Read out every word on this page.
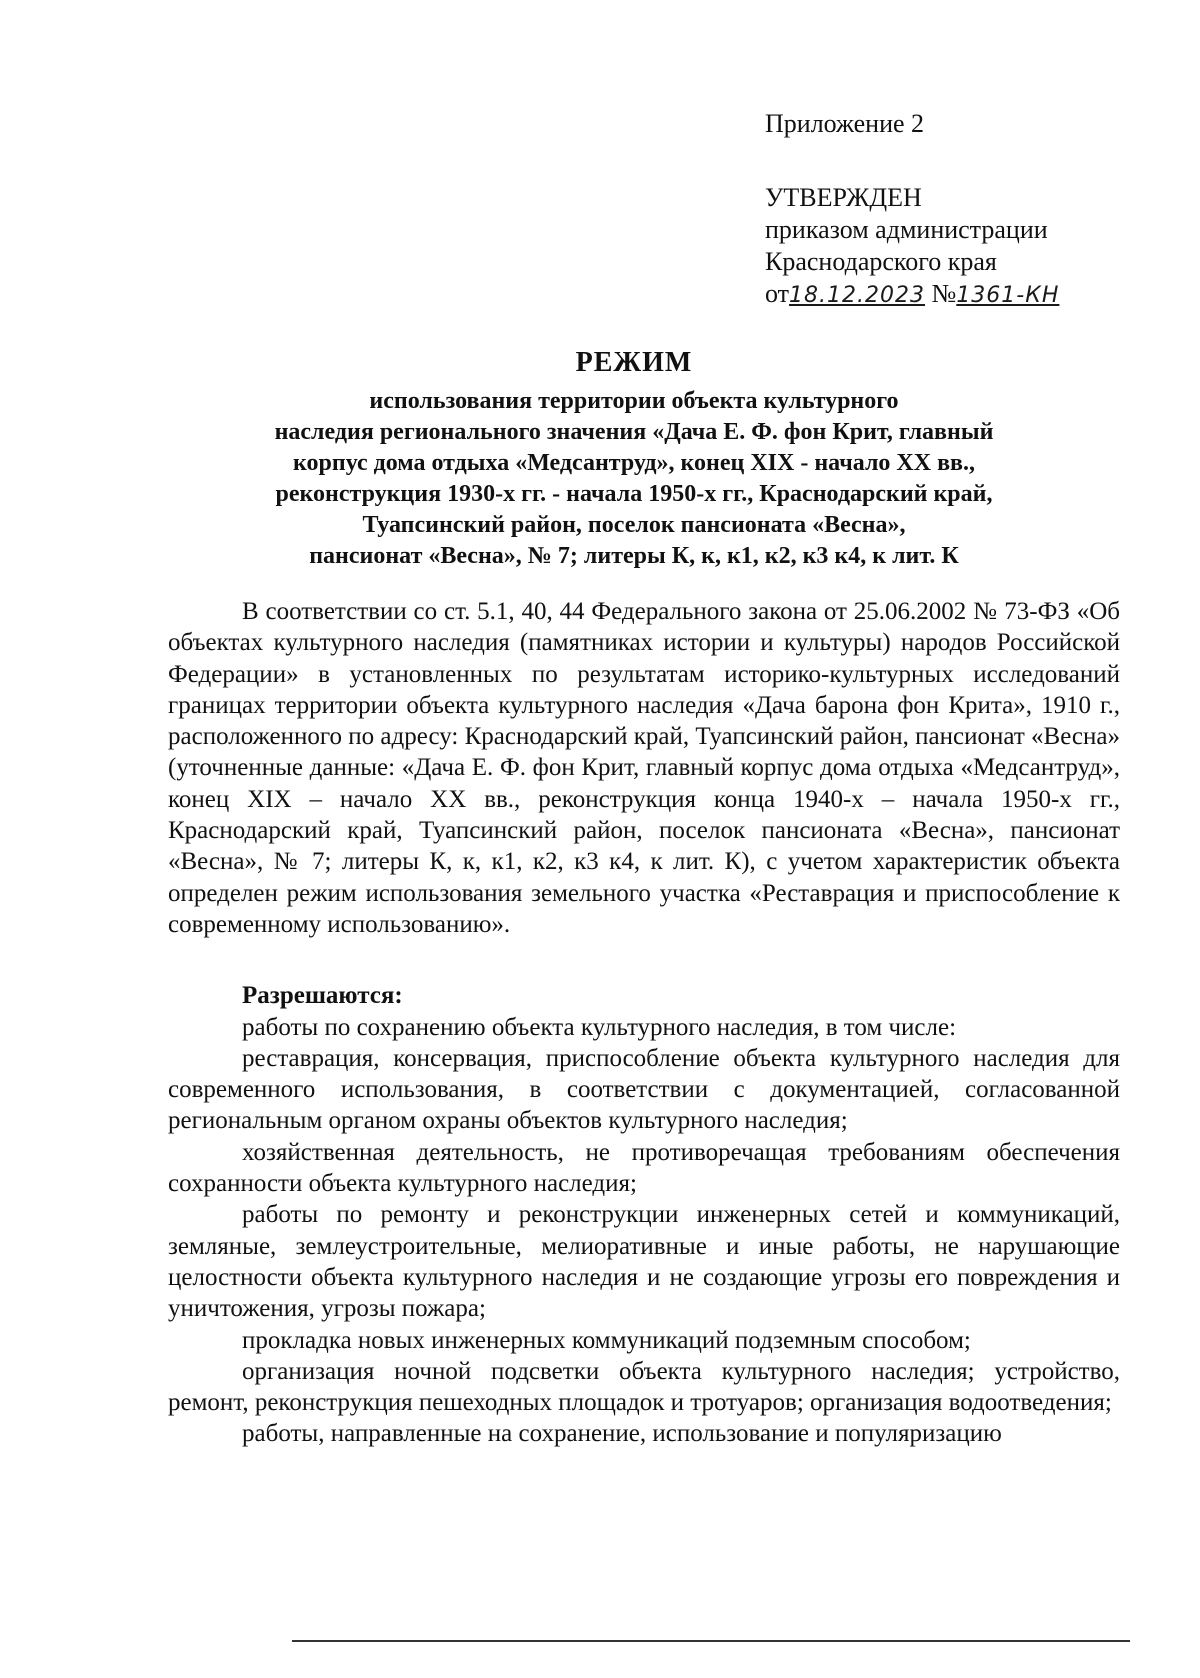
Приложение 2
УТВЕРЖДЕН
приказом администрации
Краснодарского края
от18.12.2023 №1361-КН
РЕЖИМ
использования территории объекта культурного
наследия регионального значения «Дача Е. Ф. фон Крит, главный
корпус дома отдыха «Медсантруд», конец XIX - начало XX вв.,
реконструкция 1930-х гг. - начала 1950-х гг., Краснодарский край,
Туапсинский район, поселок пансионата «Весна»,
пансионат «Весна», № 7; литеры К, к, к1, к2, к3 к4, к лит. К

В соответствии со ст. 5.1, 40, 44 Федерального закона от 25.06.2002 № 73-ФЗ «Об объектах культурного наследия (памятниках истории и культуры) народов Российской Федерации» в установленных по результатам историко-культурных исследований границах территории объекта культурного наследия «Дача барона фон Крита», 1910 г., расположенного по адресу: Краснодарский край, Туапсинский район, пансионат «Весна» (уточненные данные: «Дача Е. Ф. фон Крит, главный корпус дома отдыха «Медсантруд», конец XIX – начало XX вв., реконструкция конца 1940-х – начала 1950-х гг., Краснодарский край, Туапсинский район, поселок пансионата «Весна», пансионат «Весна», № 7; литеры К, к, к1, к2, к3 к4, к лит. К), с учетом характеристик объекта определен режим использования земельного участка «Реставрация и приспособление к современному использованию».

Разрешаются:

работы по сохранению объекта культурного наследия, в том числе:

реставрация, консервация, приспособление объекта культурного наследия для современного использования, в соответствии с документацией, согласованной региональным органом охраны объектов культурного наследия;

хозяйственная деятельность, не противоречащая требованиям обеспечения сохранности объекта культурного наследия;

работы по ремонту и реконструкции инженерных сетей и коммуникаций, земляные, землеустроительные, мелиоративные и иные работы, не нарушающие целостности объекта культурного наследия и не создающие угрозы его повреждения и уничтожения, угрозы пожара;

прокладка новых инженерных коммуникаций подземным способом;

организация ночной подсветки объекта культурного наследия; устройство, ремонт, реконструкция пешеходных площадок и тротуаров; организация водоотведения;

работы, направленные на сохранение, использование и популяризацию
